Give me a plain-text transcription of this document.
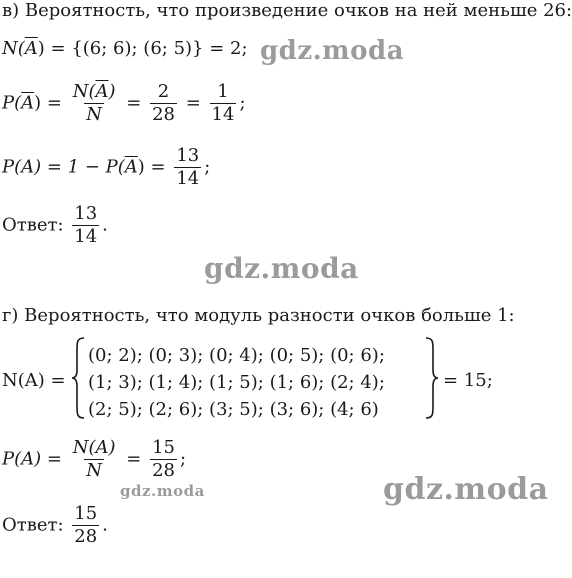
в) Вероятность, что произведение очков на ней меньше 26:
$N(\overline{A}) = \{(6$; 6); (6; 5)} = 2;
$P(\overline{A}) = \frac{N(\overline{A})}{N} = \frac{2}{28} = \frac{1}{14}$ ;
$P(A) = 1 - P(\overline{A}) = \frac{13}{14}$ ;
Ответ: $\frac{13}{14}$ .
г) Вероятность, что модуль разности очков больше 1:
N(A) =
(0; 2); (0; 3); (0; 4); (0; 5); (0; 6);
(1; 3); (1; 4); (1; 5); (1; 6); (2; 4);
(2; 5); (2; 6); (3; 5); (3; 6); (4; 6)
= 15;
$P(A) = \frac{N(A)}{N} = \frac{15}{28}$ ;
Ответ: $\frac{15}{28}$ .
gdz.moda
gdz.moda
gdz.moda	gdz.moda
